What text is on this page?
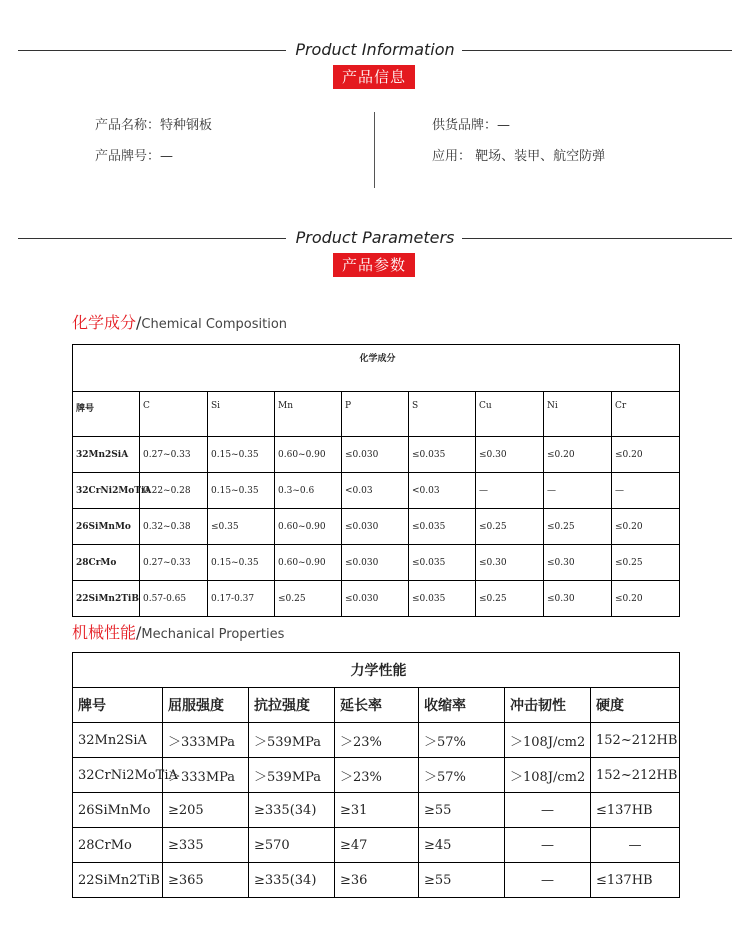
Product Information
产品信息
产品名称：特种钢板
产品牌号：—
供货品牌：—
应用： 靶场、装甲、航空防弹
Product Parameters
产品参数
化学成分/Chemical Composition
化学成分								
牌号	C	Si	Mn	P	S	Cu	Ni	Cr
32Mn2SiA	0.27~0.33	0.15~0.35	0.60~0.90	≤0.030	≤0.035	≤0.30	≤0.20	≤0.20
32CrNi2MoTiA	0.22~0.28	0.15~0.35	0.3~0.6	<0.03	<0.03	—	—	—
26SiMnMo	0.32~0.38	≤0.35	0.60~0.90	≤0.030	≤0.035	≤0.25	≤0.25	≤0.20
28CrMo	0.27~0.33	0.15~0.35	0.60~0.90	≤0.030	≤0.035	≤0.30	≤0.30	≤0.25
22SiMn2TiB	0.57-0.65	0.17-0.37	≤0.25	≤0.030	≤0.035	≤0.25	≤0.30	≤0.20
机械性能/Mechanical Properties
力学性能						
牌号	屈服强度	抗拉强度	延长率	收缩率	冲击韧性	硬度
32Mn2SiA	＞333MPa	＞539MPa	＞23%	＞57%	＞108J/cm2	152~212HB
32CrNi2MoTiA	＞333MPa	＞539MPa	＞23%	＞57%	＞108J/cm2	152~212HB
26SiMnMo	≥205	≥335(34)	≥31	≥55	—	≤137HB
28CrMo	≥335	≥570	≥47	≥45	—	—
22SiMn2TiB	≥365	≥335(34)	≥36	≥55	—	≤137HB
